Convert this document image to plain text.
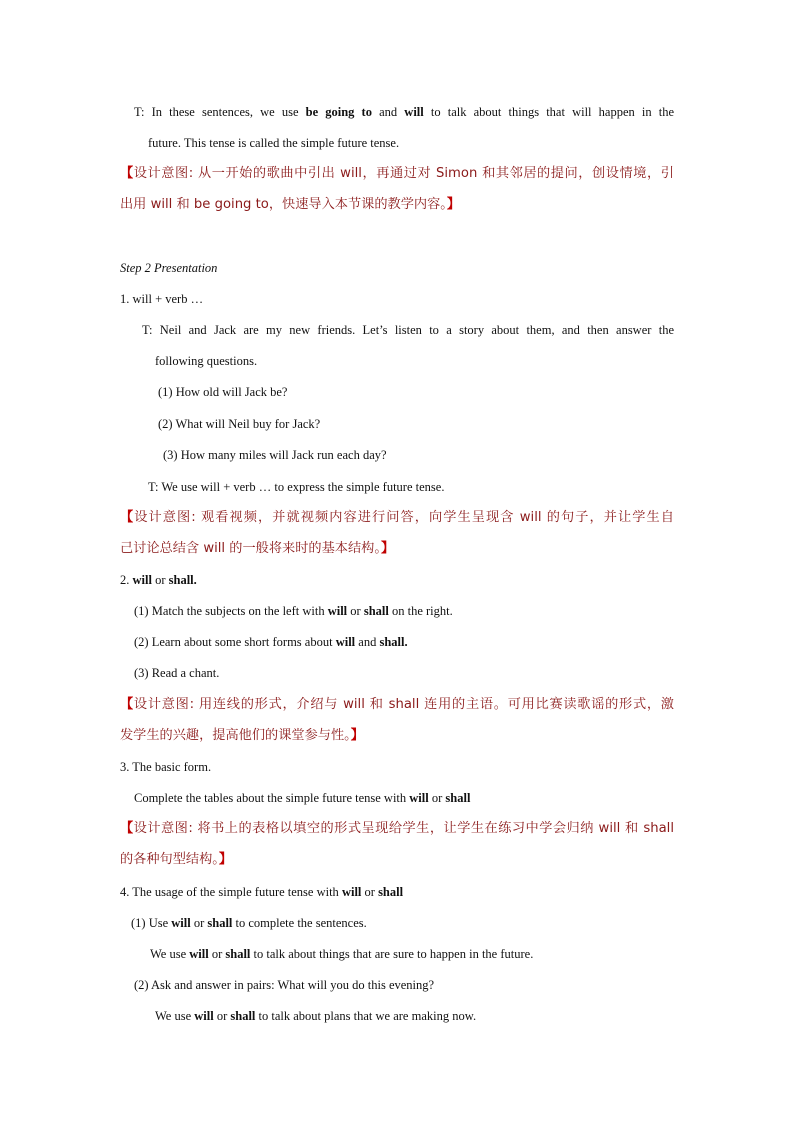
T: In these sentences, we use be going to and will to talk about things that will happen in the
future. This tense is called the simple future tense.
【设计意图: 从一开始的歌曲中引出 will，再通过对 Simon 和其邻居的提问，创设情境，引
出用 will 和 be going to，快速导入本节课的教学内容。】
Step 2 Presentation
1. will + verb …
T: Neil and Jack are my new friends. Let’s listen to a story about them, and then answer the
following questions.
(1) How old will Jack be?
(2) What will Neil buy for Jack?
(3) How many miles will Jack run each day?
T: We use will + verb … to express the simple future tense.
【设计意图: 观看视频，并就视频内容进行问答，向学生呈现含 will 的句子，并让学生自
己讨论总结含 will 的一般将来时的基本结构。】
2. will or shall.
(1) Match the subjects on the left with will or shall on the right.
(2) Learn about some short forms about will and shall.
(3) Read a chant.
【设计意图: 用连线的形式，介绍与 will 和 shall 连用的主语。可用比赛读歌谣的形式，激
发学生的兴趣，提高他们的课堂参与性。】
3. The basic form.
Complete the tables about the simple future tense with will or shall
【设计意图: 将书上的表格以填空的形式呈现给学生，让学生在练习中学会归纳 will 和 shall
的各种句型结构。】
4. The usage of the simple future tense with will or shall
(1) Use will or shall to complete the sentences.
We use will or shall to talk about things that are sure to happen in the future.
(2) Ask and answer in pairs: What will you do this evening?
We use will or shall to talk about plans that we are making now.
